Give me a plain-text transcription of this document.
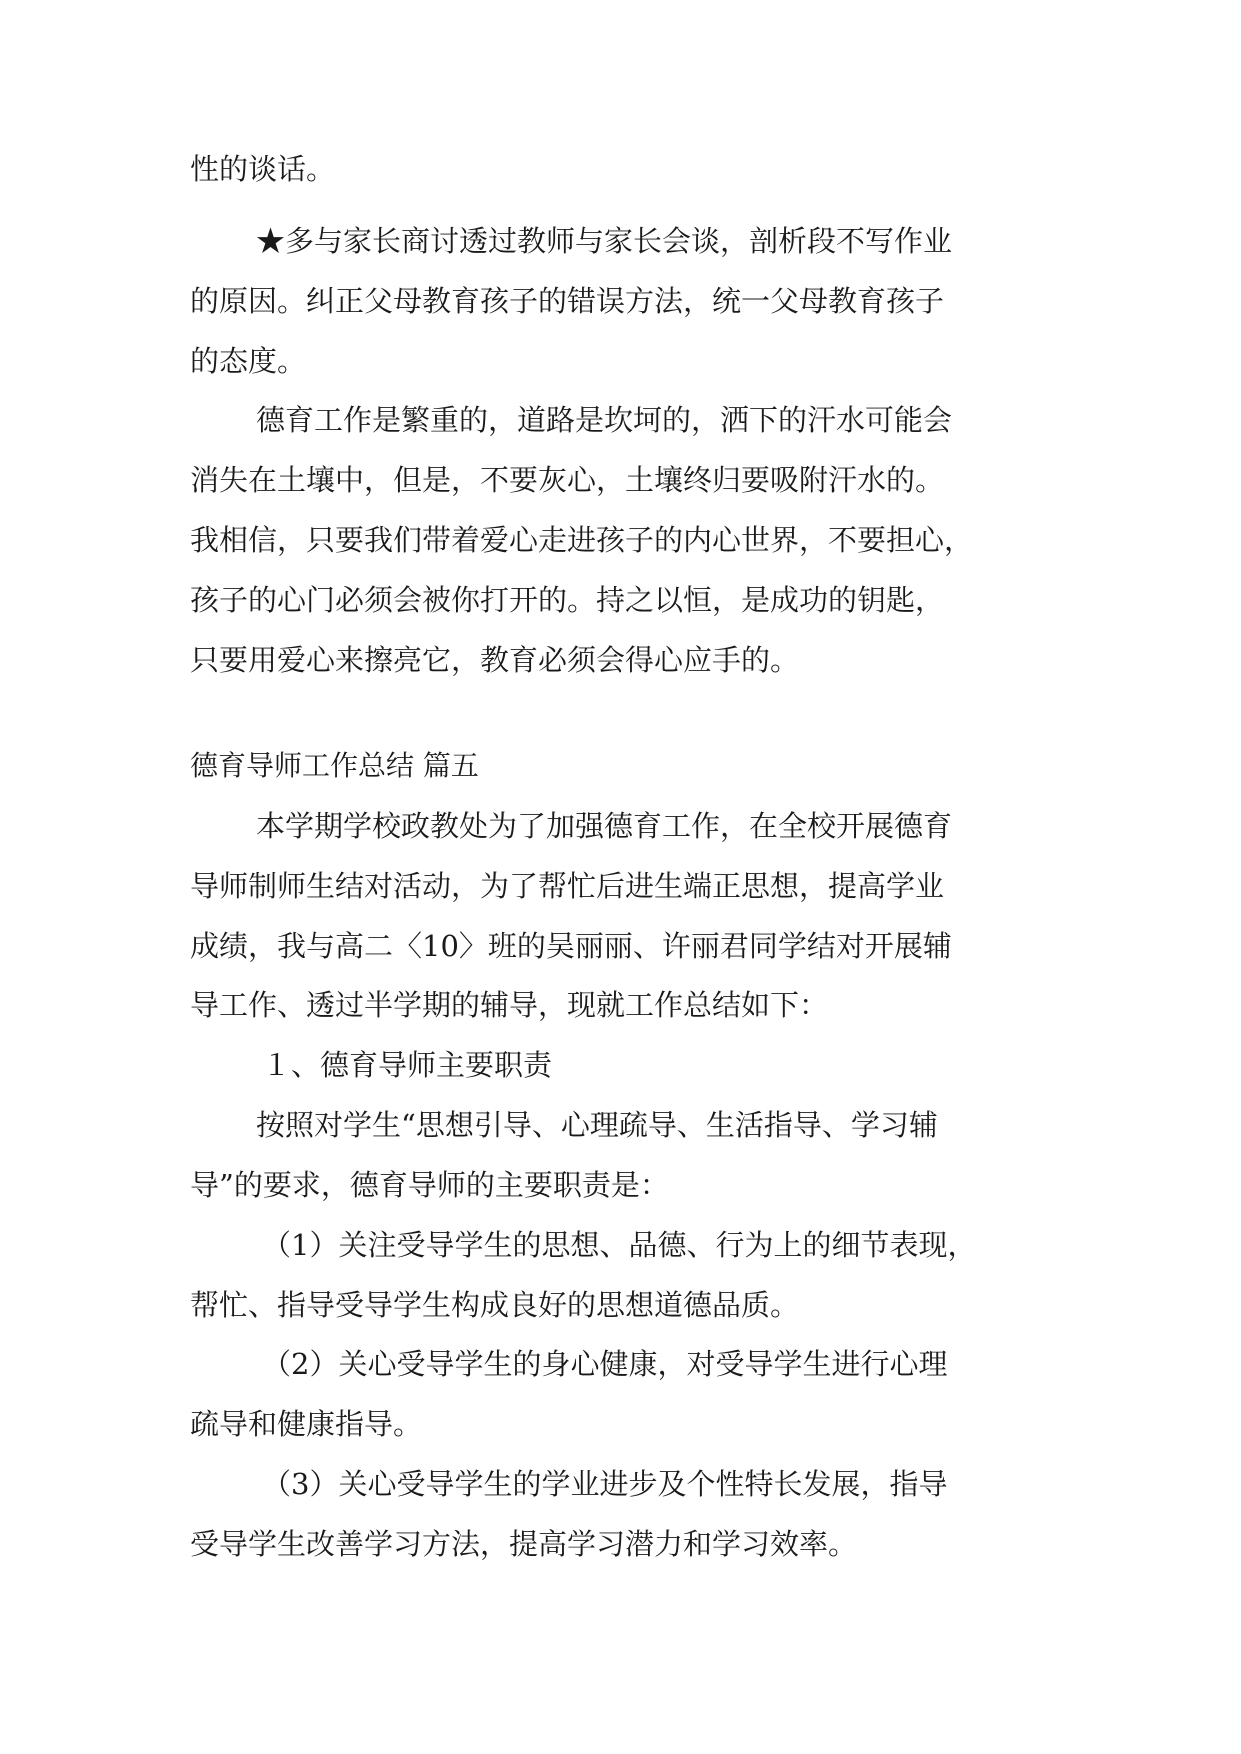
性的谈话。
★多与家长商讨透过教师与家长会谈，剖析段不写作业
的原因。纠正父母教育孩子的错误方法，统一父母教育孩子
的态度。
德育工作是繁重的，道路是坎坷的，洒下的汗水可能会
消失在土壤中，但是，不要灰心，土壤终归要吸附汗水的。
我相信，只要我们带着爱心走进孩子的内心世界，不要担心，
孩子的心门必须会被你打开的。持之以恒，是成功的钥匙，
只要用爱心来擦亮它，教育必须会得心应手的。
德育导师工作总结 篇五
本学期学校政教处为了加强德育工作，在全校开展德育
导师制师生结对活动，为了帮忙后进生端正思想，提高学业
成绩，我与高二〈10〉班的吴丽丽、许丽君同学结对开展辅
导工作、透过半学期的辅导，现就工作总结如下：
１、德育导师主要职责
按照对学生“思想引导、心理疏导、生活指导、学习辅
导”的要求，德育导师的主要职责是：
（1）关注受导学生的思想、品德、行为上的细节表现，
帮忙、指导受导学生构成良好的思想道德品质。
（2）关心受导学生的身心健康，对受导学生进行心理
疏导和健康指导。
（3）关心受导学生的学业进步及个性特长发展，指导
受导学生改善学习方法，提高学习潜力和学习效率。
